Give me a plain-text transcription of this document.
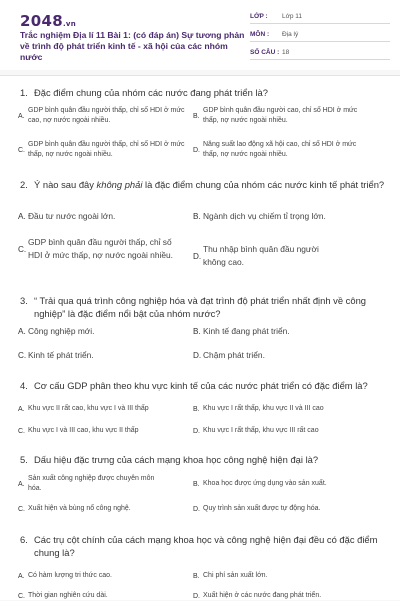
2048.vn
Trắc nghiệm Địa lí 11 Bài 1: (có đáp án) Sự tương phản về trình độ phát triển kinh tế - xã hội của các nhóm nước
LỚP :	Lớp 11
MÔN :	Địa lý
SỐ CÂU : 18
1. Đặc điểm chung của nhóm các nước đang phát triển là?
A.
GDP bình quân đầu người thấp, chỉ số HDI ở mức cao, nợ nước ngoài nhiều.
B.
GDP bình quân đầu người cao, chỉ số HDI ở mức thấp, nợ nước ngoài nhiều.
C.
GDP bình quân đầu người thấp, chỉ số HDI ở mức thấp, nợ nước ngoài nhiều.
D.
Năng suất lao động xã hội cao, chỉ số HDI ở mức thấp, nợ nước ngoài nhiều.
2. Ý nào sau đây không phải là đặc điểm chung của nhóm các nước kinh tế phát triển?
A. Đầu tư nước ngoài lớn.	B. Ngành dịch vụ chiếm tỉ trọng lớn.
C.
GDP bình quân đầu người thấp, chỉ số HDI ở mức thấp, nợ nước ngoài nhiều.	D.
Thu nhập bình quân đầu người không cao.
3. “ Trải qua quá trình công nghiệp hóa và đạt trình độ phát triển nhất định về công nghiệp” là đặc điểm nổi bật của nhóm nước?
A. Công nghiệp mới.	B. Kinh tế đang phát triển.
C. Kinh tế phát triển.	D. Chậm phát triển.
4. Cơ cấu GDP phân theo khu vực kinh tế của các nước phát triển có đặc điểm là?
A. Khu vực II rất cao, khu vực I và III thấp	B. Khu vực I rất thấp, khu vực II và III cao
C. Khu vực I và III cao, khu vực II thấp	D. Khu vực I rất thấp, khu vực III rất cao
5. Dấu hiệu đặc trưng của cách mạng khoa học công nghệ hiện đại là?
A.
Sản xuất công nghiệp được chuyên môn hóa.
B. Khoa học được ứng dụng vào sản xuất.
C. Xuất hiện và bùng nổ công nghệ.	D. Quy trình sản xuất được tự động hóa.
6. Các trụ cột chính của cách mạng khoa học và công nghệ hiện đại đều có đặc điểm chung là?
A. Có hàm lượng tri thức cao.	B. Chi phí sản xuất lớn.
C. Thời gian nghiên cứu dài.	D. Xuất hiện ở các nước đang phát triển.
